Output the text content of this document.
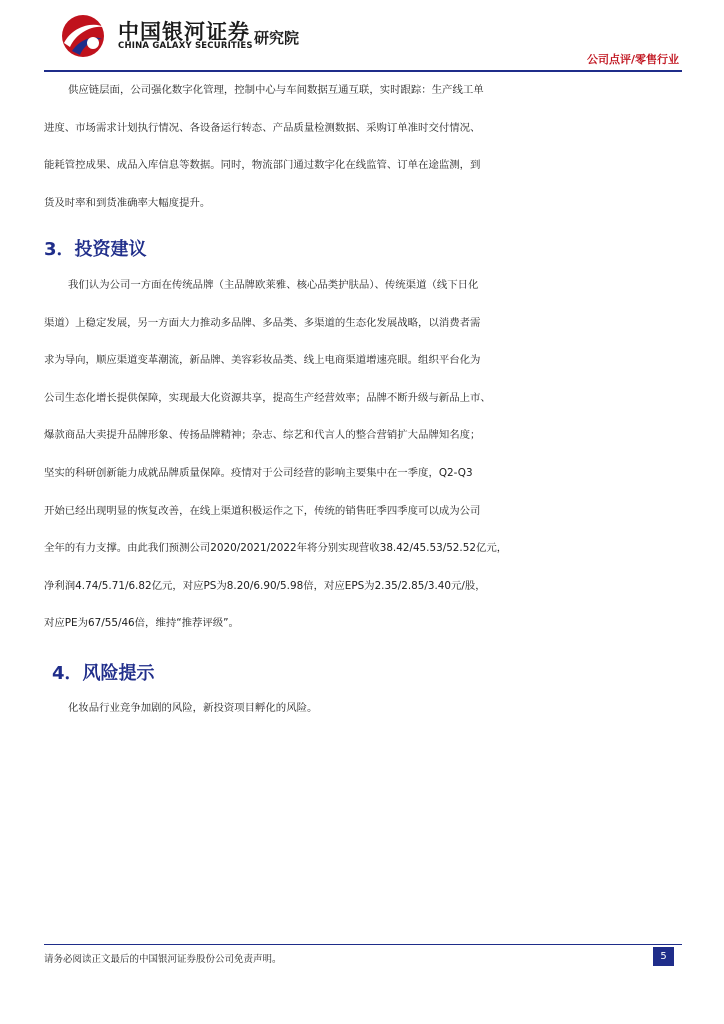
中国银河证券
CHINA GALAXY SECURITIES 研究院
公司点评/零售行业

供应链层面，公司强化数字化管理，控制中心与车间数据互通互联，实时跟踪：生产线工单
进度、市场需求计划执行情况、各设备运行转态、产品质量检测数据、采购订单准时交付情况、
能耗管控成果、成品入库信息等数据。同时，物流部门通过数字化在线监管、订单在途监测，到
货及时率和到货准确率大幅度提升。

3．投资建议

我们认为公司一方面在传统品牌（主品牌欧莱雅、核心品类护肤品）、传统渠道（线下日化
渠道）上稳定发展，另一方面大力推动多品牌、多品类、多渠道的生态化发展战略，以消费者需
求为导向，顺应渠道变革潮流，新品牌、美容彩妆品类、线上电商渠道增速亮眼。组织平台化为
公司生态化增长提供保障，实现最大化资源共享，提高生产经营效率；品牌不断升级与新品上市、
爆款商品大卖提升品牌形象、传扬品牌精神；杂志、综艺和代言人的整合营销扩大品牌知名度；
坚实的科研创新能力成就品牌质量保障。疫情对于公司经营的影响主要集中在一季度，Q2-Q3
开始已经出现明显的恢复改善，在线上渠道积极运作之下，传统的销售旺季四季度可以成为公司
全年的有力支撑。由此我们预测公司2020/2021/2022年将分别实现营收38.42/45.53/52.52亿元，
净利润4.74/5.71/6.82亿元，对应PS为8.20/6.90/5.98倍，对应EPS为2.35/2.85/3.40元/股，
对应PE为67/55/46倍，维持“推荐评级”。

4．风险提示

化妆品行业竞争加剧的风险，新投资项目孵化的风险。

请务必阅读正文最后的中国银河证券股份公司免责声明。	5
